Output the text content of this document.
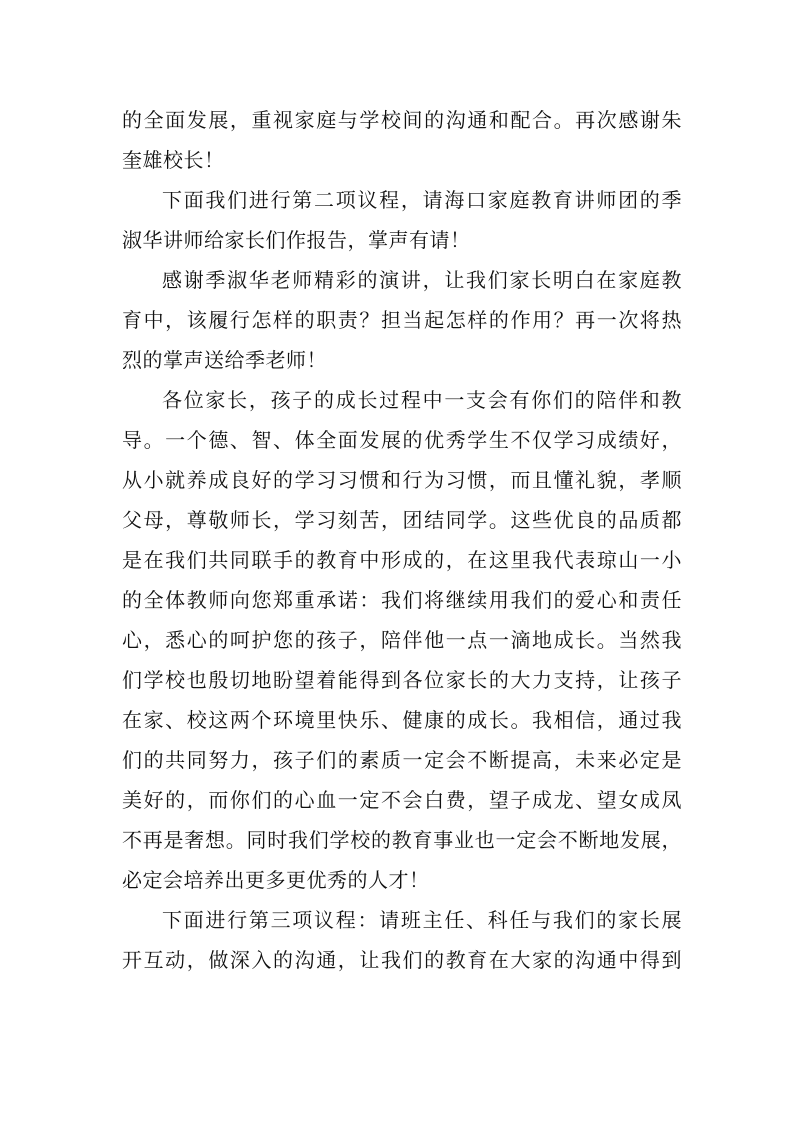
的全面发展，重视家庭与学校间的沟通和配合。再次感谢朱
奎雄校长！
下面我们进行第二项议程，请海口家庭教育讲师团的季
淑华讲师给家长们作报告，掌声有请！
感谢季淑华老师精彩的演讲，让我们家长明白在家庭教
育中，该履行怎样的职责？担当起怎样的作用？再一次将热
烈的掌声送给季老师！
各位家长，孩子的成长过程中一支会有你们的陪伴和教
导。一个德、智、体全面发展的优秀学生不仅学习成绩好，
从小就养成良好的学习习惯和行为习惯，而且懂礼貌，孝顺
父母，尊敬师长，学习刻苦，团结同学。这些优良的品质都
是在我们共同联手的教育中形成的，在这里我代表琼山一小
的全体教师向您郑重承诺：我们将继续用我们的爱心和责任
心，悉心的呵护您的孩子，陪伴他一点一滴地成长。当然我
们学校也殷切地盼望着能得到各位家长的大力支持，让孩子
在家、校这两个环境里快乐、健康的成长。我相信，通过我
们的共同努力，孩子们的素质一定会不断提高，未来必定是
美好的，而你们的心血一定不会白费，望子成龙、望女成凤
不再是奢想。同时我们学校的教育事业也一定会不断地发展，
必定会培养出更多更优秀的人才！
下面进行第三项议程：请班主任、科任与我们的家长展
开互动，做深入的沟通，让我们的教育在大家的沟通中得到
